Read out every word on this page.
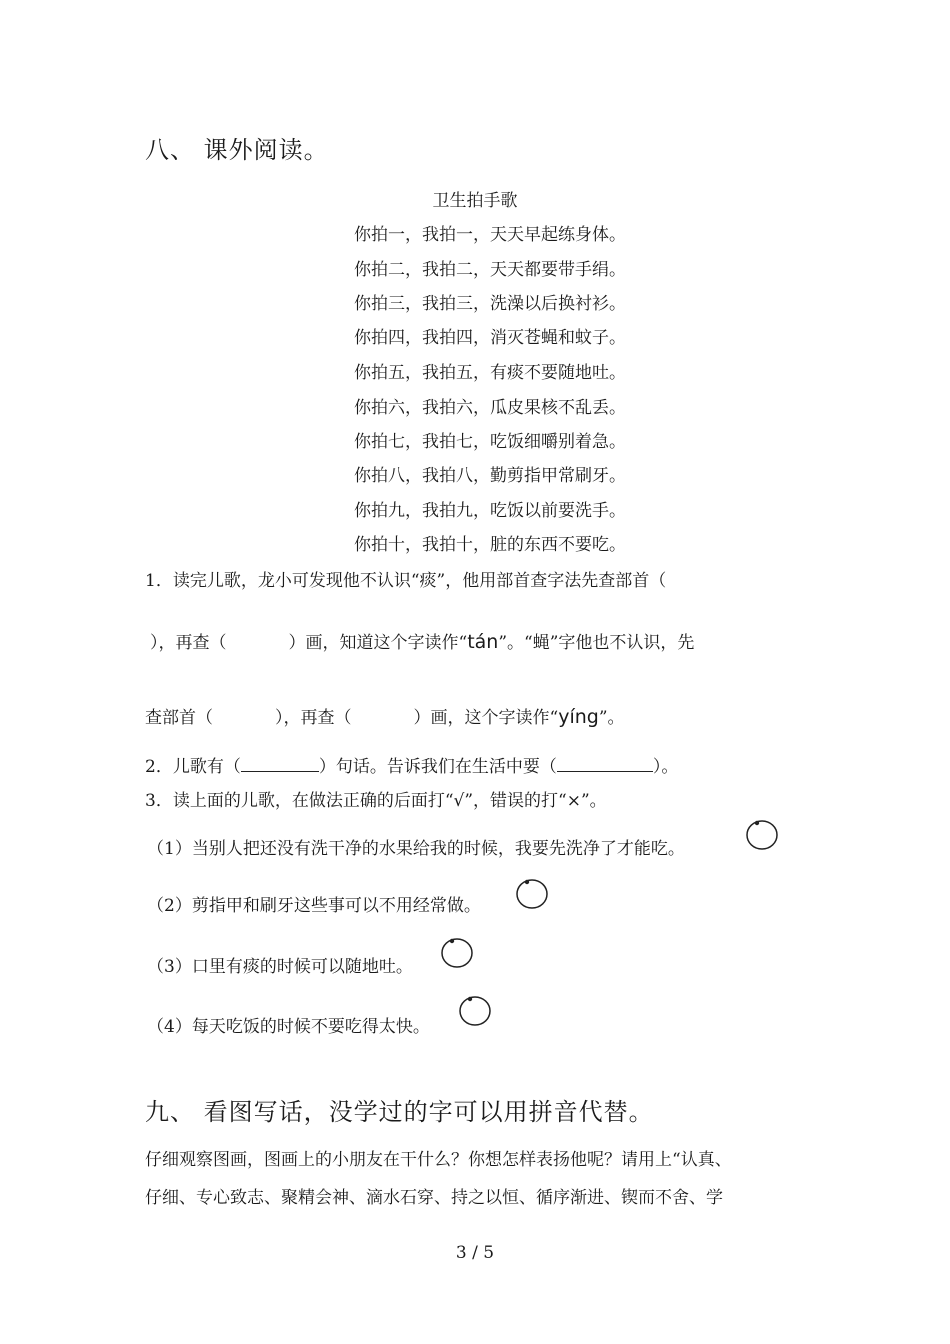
八、 课外阅读。
卫生拍手歌
你拍一，我拍一，天天早起练身体。
你拍二，我拍二，天天都要带手绢。
你拍三，我拍三，洗澡以后换衬衫。
你拍四，我拍四，消灭苍蝇和蚊子。
你拍五，我拍五，有痰不要随地吐。
你拍六，我拍六，瓜皮果核不乱丢。
你拍七，我拍七，吃饭细嚼别着急。
你拍八，我拍八，勤剪指甲常刷牙。
你拍九，我拍九，吃饭以前要洗手。
你拍十，我拍十，脏的东西不要吃。
1．读完儿歌，龙小可发现他不认识“痰”，他用部首查字法先查部首（
），再查（	）画，知道这个字读作“tán”。“蝇”字他也不认识，先
查部首（	），再查（	）画，这个字读作“yíng”。
2．儿歌有（	）句话。告诉我们在生活中要（	）。
3．读上面的儿歌，在做法正确的后面打“√”，错误的打“×”。
（1）当别人把还没有洗干净的水果给我的时候，我要先洗净了才能吃。
（2）剪指甲和刷牙这些事可以不用经常做。
（3）口里有痰的时候可以随地吐。
（4）每天吃饭的时候不要吃得太快。
九、 看图写话，没学过的字可以用拼音代替。
仔细观察图画，图画上的小朋友在干什么？你想怎样表扬他呢？请用上“认真、
仔细、专心致志、聚精会神、滴水石穿、持之以恒、循序渐进、锲而不舍、学
3 / 5
